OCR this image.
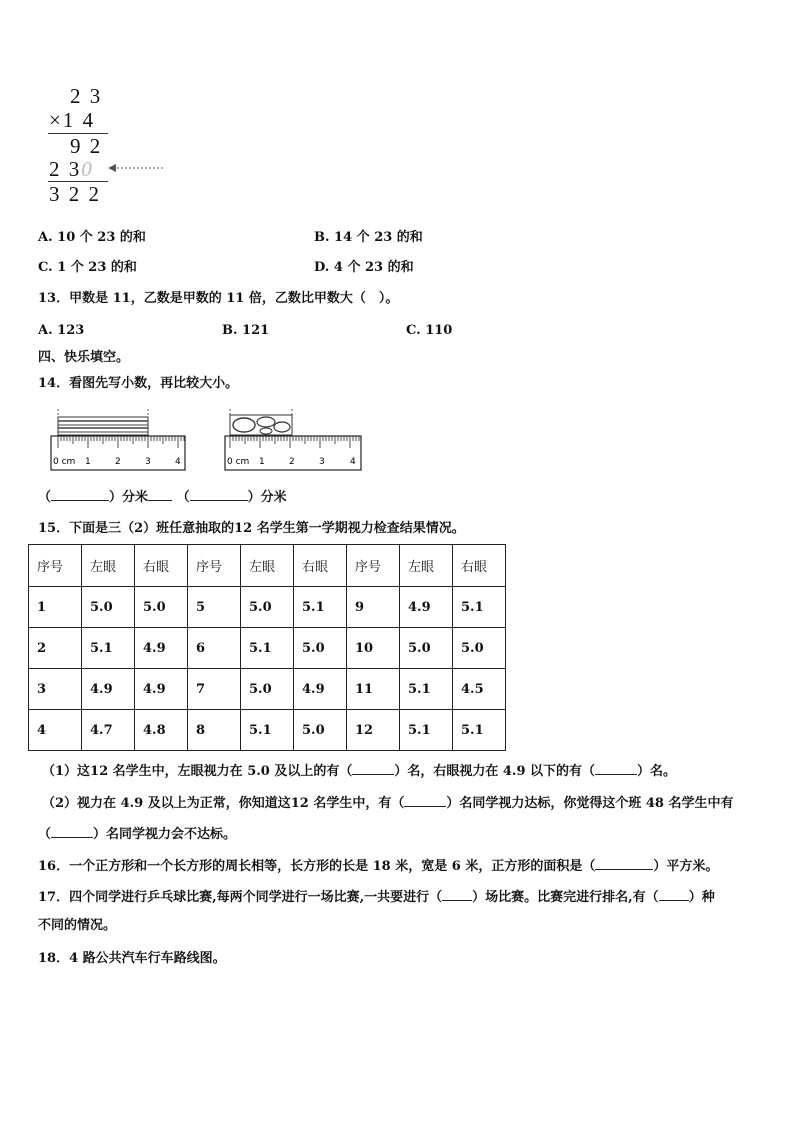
2 3
×1 4
9 2
2 30
3 2 2
A. 10 个 23 的和	B. 14 个 23 的和
C. 1 个 23 的和	D. 4 个 23 的和
13．甲数是 11，乙数是甲数的 11 倍，乙数比甲数大（　）。
A. 123	B. 121	C. 110
四、快乐填空。
14．看图先写小数，再比较大小。
0 cm 1	2	3	4	0 cm 1	2	3	4
（	）分米 （	）分米
15．下面是三（2）班任意抽取的12 名学生第一学期视力检查结果情况。
序号	左眼	右眼	序号	左眼	右眼	序号	左眼	右眼
1	5.0	5.0	5	5.0	5.1	9	4.9	5.1
2	5.1	4.9	6	5.1	5.0	10	5.0	5.0
3	4.9	4.9	7	5.0	4.9	11	5.1	4.5
4	4.7	4.8	8	5.1	5.0	12	5.1	5.1
（1）这12 名学生中，左眼视力在 5.0 及以上的有（	）名，右眼视力在 4.9 以下的有（	）名。
（2）视力在 4.9 及以上为正常，你知道这12 名学生中，有（	）名同学视力达标，你觉得这个班 48 名学生中有
（	）名同学视力会不达标。
16．一个正方形和一个长方形的周长相等，长方形的长是 18 米，宽是 6 米，正方形的面积是（	）平方米。
17．四个同学进行乒乓球比赛,每两个同学进行一场比赛,一共要进行（ ）场比赛。比赛完进行排名,有（ ）种
不同的情况。
18．4 路公共汽车行车路线图。
